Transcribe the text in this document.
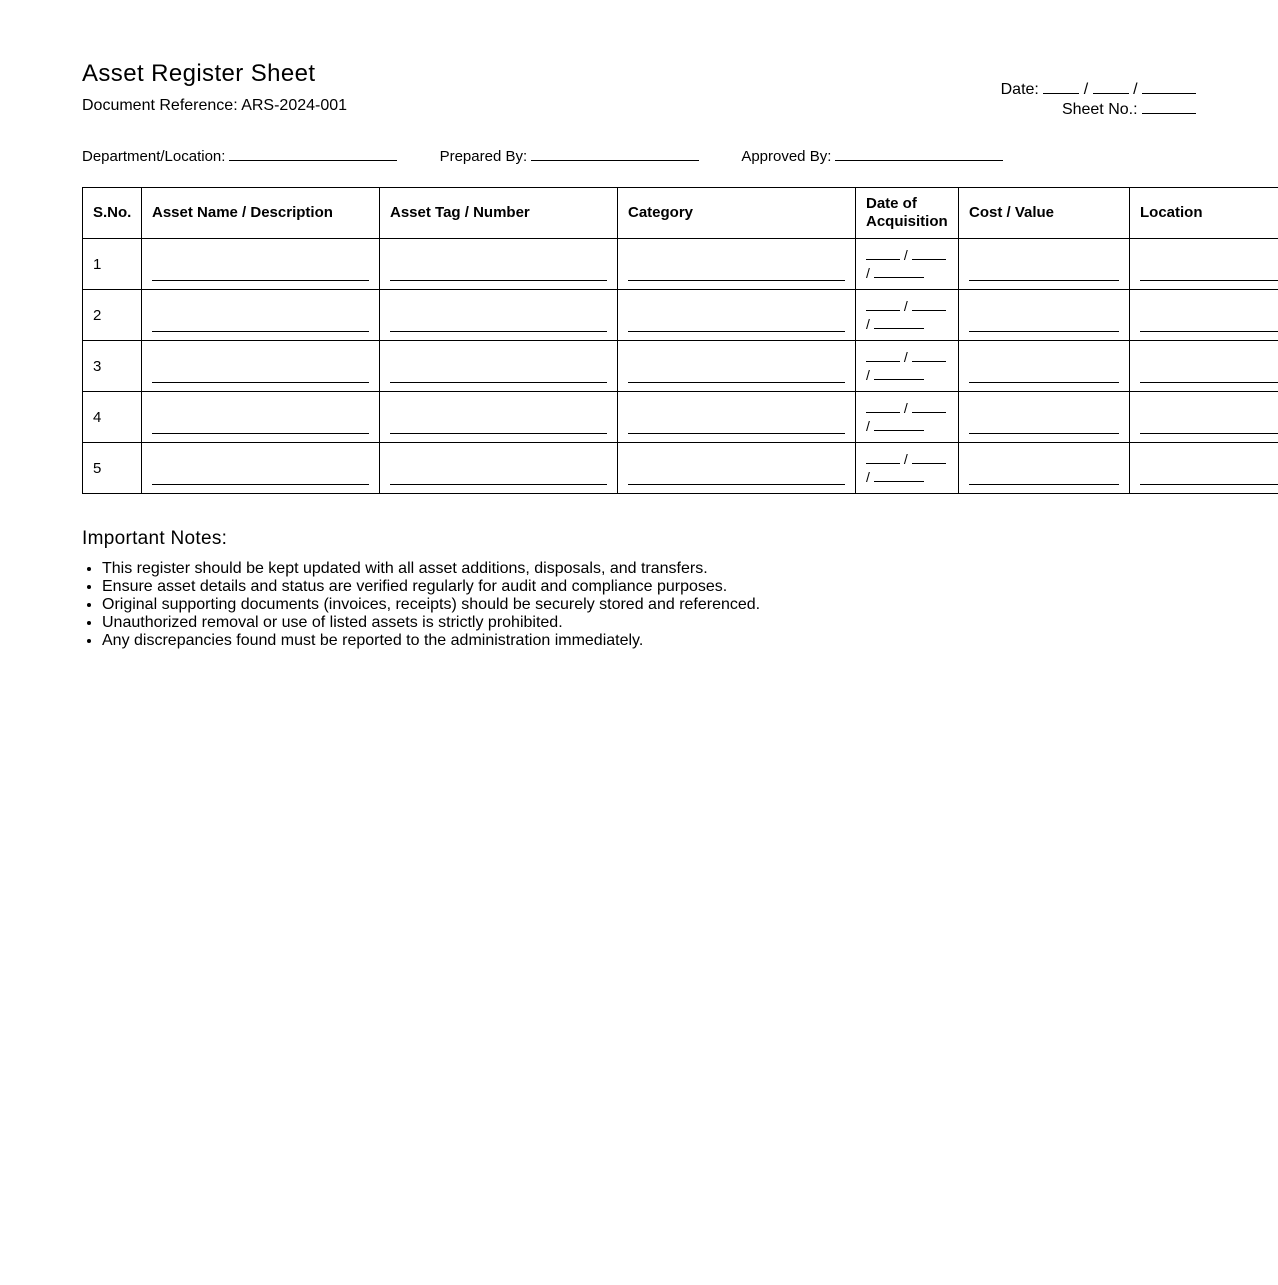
Asset Register Sheet
Document Reference: ARS-2024-001
Date:	/  /
Sheet No.:
Department/Location:	Prepared By:	Approved By:
S.No.	Asset Name / Description	Asset Tag / Number	Category	Date of Acquisition	Cost / Value	Location
1				/
/		

2				/
/		

3				/
/		

4				/
/		

5				/
/		

Important Notes:
• This register should be kept updated with all asset additions, disposals, and transfers.
• Ensure asset details and status are verified regularly for audit and compliance purposes.
• Original supporting documents (invoices, receipts) should be securely stored and referenced.
• Unauthorized removal or use of listed assets is strictly prohibited.
• Any discrepancies found must be reported to the administration immediately.
